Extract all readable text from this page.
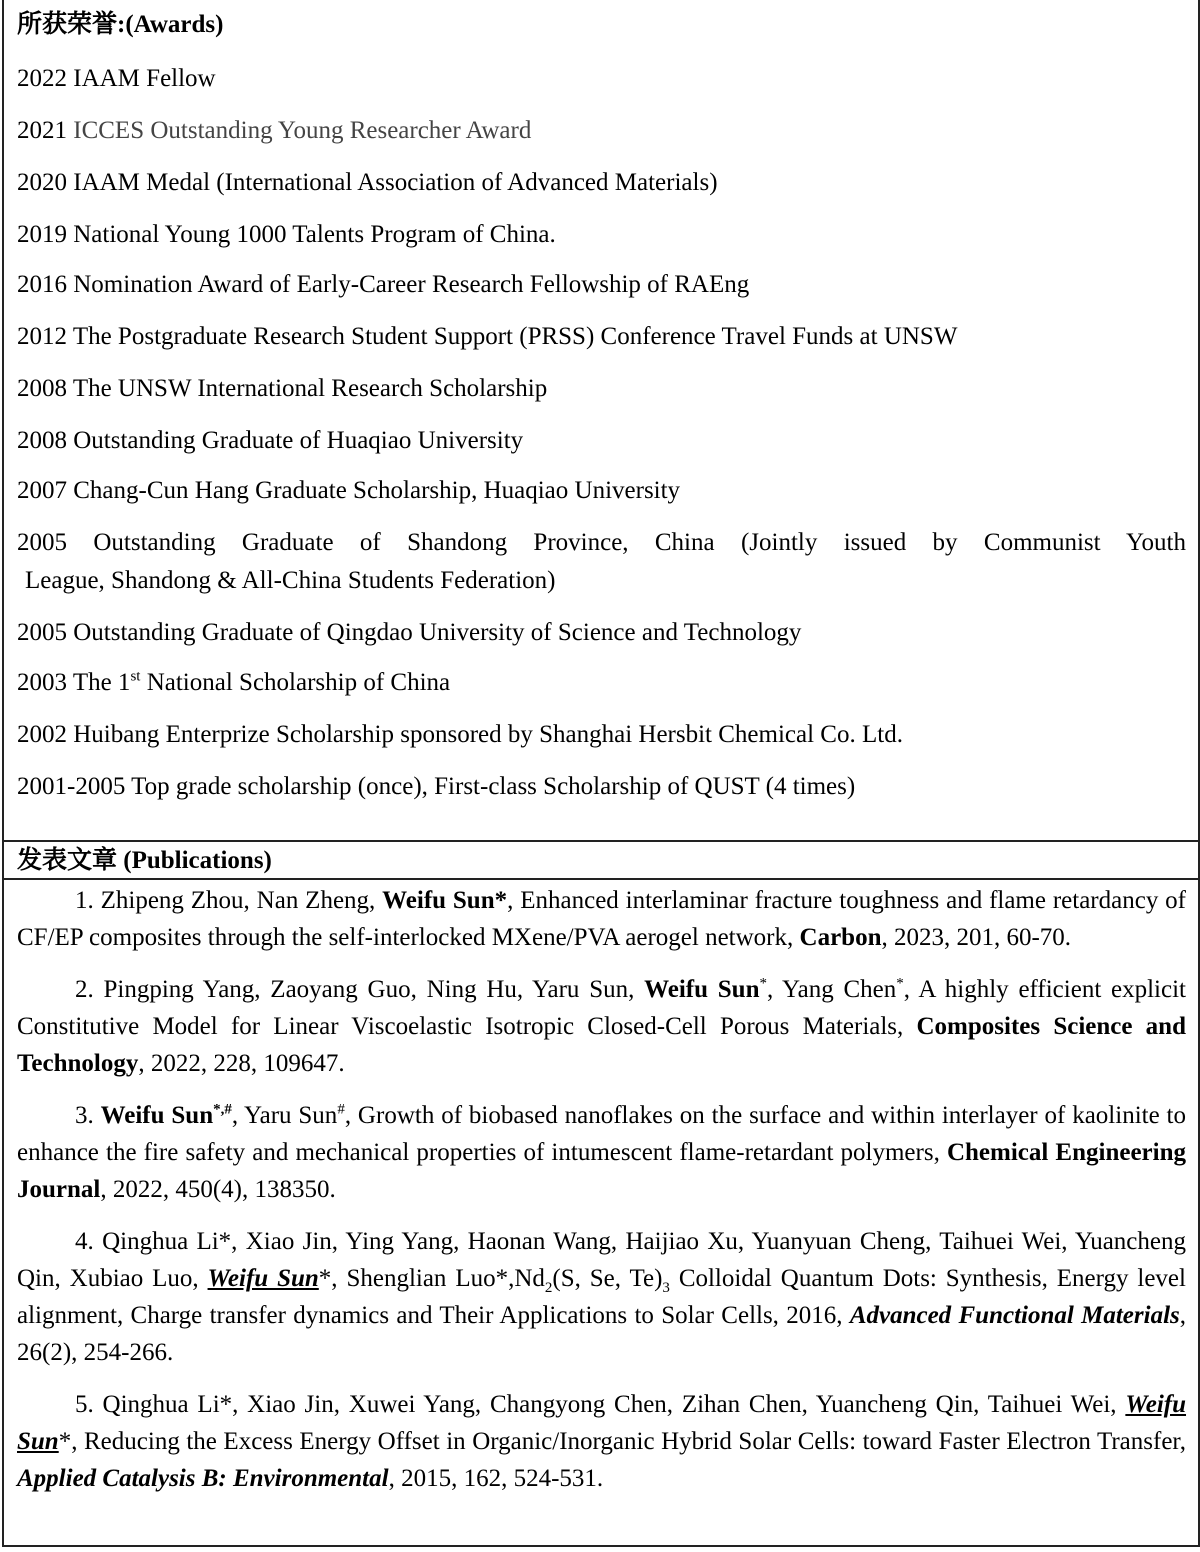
所获荣誉:(Awards)
2022 IAAM Fellow
2021 ICCES Outstanding Young Researcher Award
2020 IAAM Medal (International Association of Advanced Materials)
2019 National Young 1000 Talents Program of China.
2016 Nomination Award of Early-Career Research Fellowship of RAEng
2012 The Postgraduate Research Student Support (PRSS) Conference Travel Funds at UNSW
2008 The UNSW International Research Scholarship
2008 Outstanding Graduate of Huaqiao University
2007 Chang-Cun Hang Graduate Scholarship, Huaqiao University
2005 Outstanding Graduate of Shandong Province, China (Jointly issued by Communist Youth
League, Shandong & All-China Students Federation)
2005 Outstanding Graduate of Qingdao University of Science and Technology
2003 The 1st National Scholarship of China
2002 Huibang Enterprize Scholarship sponsored by Shanghai Hersbit Chemical Co. Ltd.
2001-2005 Top grade scholarship (once), First-class Scholarship of QUST (4 times)
发表文章 (Publications)
1. Zhipeng Zhou, Nan Zheng, Weifu Sun*, Enhanced interlaminar fracture toughness and flame retardancy of CF/EP composites through the self-interlocked MXene/PVA aerogel network, Carbon, 2023, 201, 60-70.
2. Pingping Yang, Zaoyang Guo, Ning Hu, Yaru Sun, Weifu Sun*, Yang Chen*, A highly efficient explicit Constitutive Model for Linear Viscoelastic Isotropic Closed-Cell Porous Materials, Composites Science and Technology, 2022, 228, 109647.
3. Weifu Sun*,#, Yaru Sun#, Growth of biobased nanoflakes on the surface and within interlayer of kaolinite to enhance the fire safety and mechanical properties of intumescent flame-retardant polymers, Chemical Engineering Journal, 2022, 450(4), 138350.
4. Qinghua Li*, Xiao Jin, Ying Yang, Haonan Wang, Haijiao Xu, Yuanyuan Cheng, Taihuei Wei, Yuancheng Qin, Xubiao Luo, Weifu Sun*, Shenglian $Luo*,Nd_2(S$, Se, $Te)_3$ Colloidal Quantum Dots: Synthesis, Energy level alignment, Charge transfer dynamics and Their Applications to Solar Cells, 2016, Advanced Functional Materials, 26(2), 254-266.
5. Qinghua Li*, Xiao Jin, Xuwei Yang, Changyong Chen, Zihan Chen, Yuancheng Qin, Taihuei Wei, Weifu Sun*, Reducing the Excess Energy Offset in Organic/Inorganic Hybrid Solar Cells: toward Faster Electron Transfer, Applied Catalysis B: Environmental, 2015, 162, 524-531.
